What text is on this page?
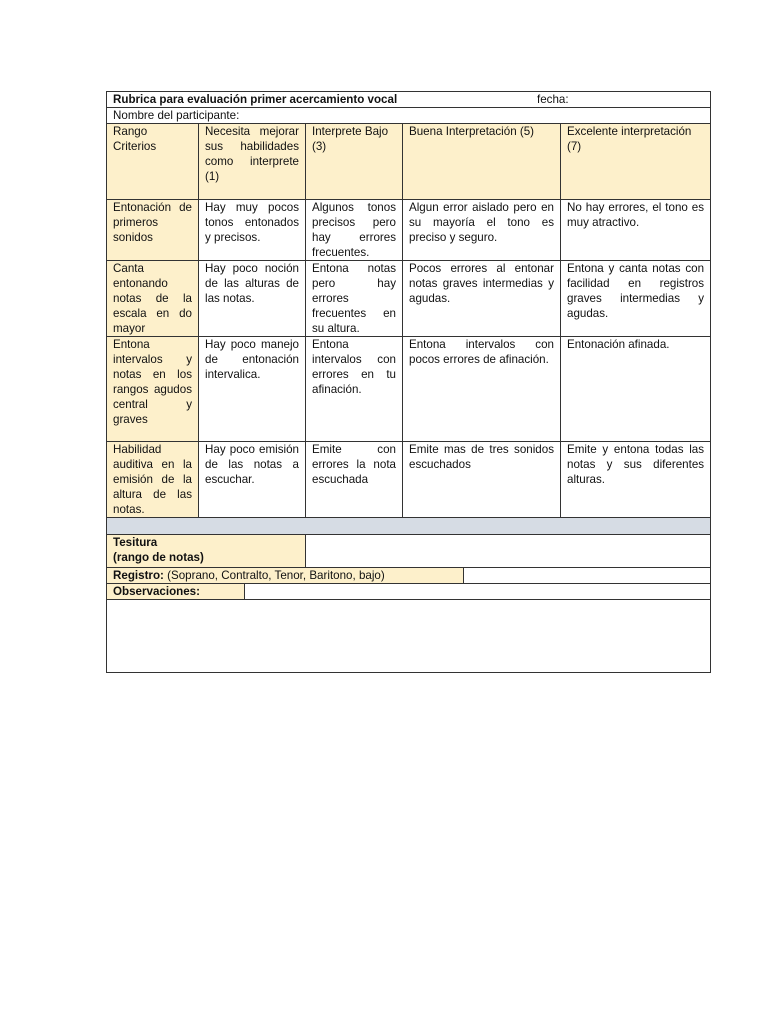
Rubrica para evaluación primer acercamiento vocal fecha:				

Nombre del participante:				

Rango
Criterios	Necesita mejorar sus habilidades como interprete (1)	Interprete Bajo (3)	Buena Interpretación (5)	Excelente interpretación (7)
Entonación de primeros sonidos	Hay muy pocos tonos entonados y precisos.	Algunos tonos precisos pero hay errores frecuentes.	Algun error aislado pero en su mayoría el tono es preciso y seguro.	No hay errores, el tono es muy atractivo.
Canta entonando notas de la escala en do mayor	Hay poco noción de las alturas de las notas.	Entona notas pero hay errores frecuentes en su altura.	Pocos errores al entonar notas graves intermedias y agudas.	Entona y canta notas con facilidad en registros graves intermedias y agudas.
Entona intervalos y notas en los rangos agudos central y graves	Hay poco manejo de entonación intervalica.	Entona intervalos con errores en tu afinación.	Entona intervalos con pocos errores de afinación.	Entonación afinada.
Habilidad auditiva en la emisión de la altura de las notas.	Hay poco emisión de las notas a escuchar.	Emite con errores la nota escuchada	Emite mas de tres sonidos escuchados	Emite y entona todas las notas y sus diferentes alturas.

Tesitura
(rango de notas)				

Registro: (Soprano, Contralto, Tenor, Baritono, bajo)				

Observaciones:				
